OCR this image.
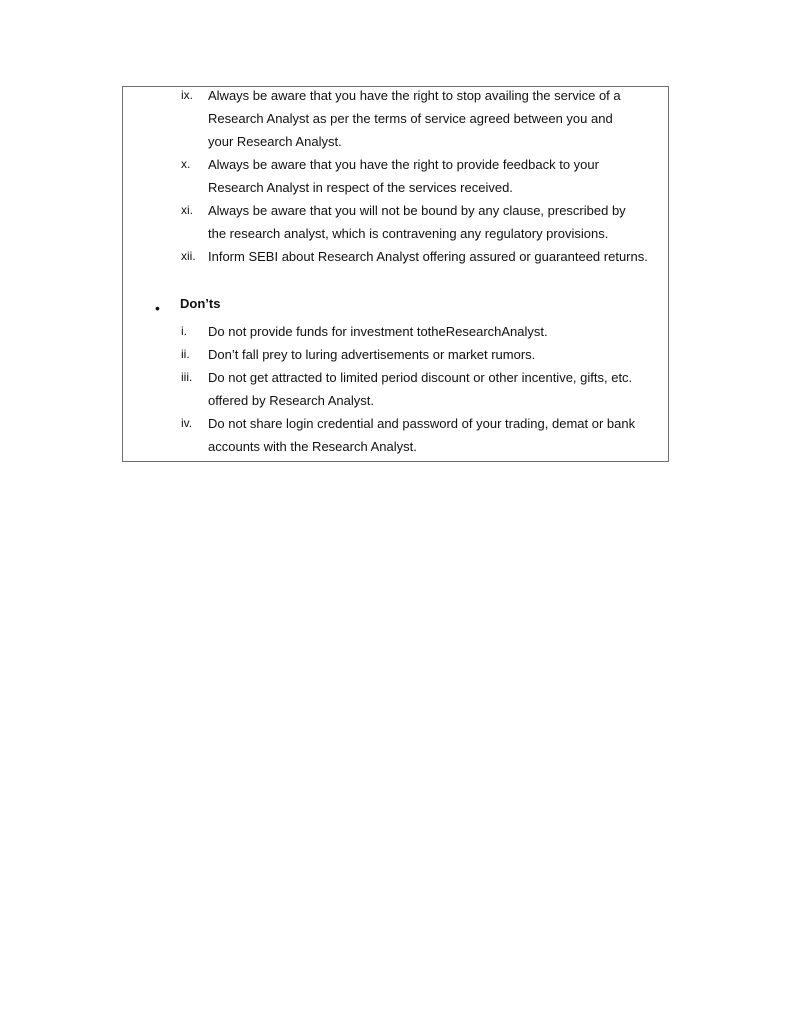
ix. Always be aware that you have the right to stop availing the service of a
Research Analyst as per the terms of service agreed between you and
your Research Analyst.
x. Always be aware that you have the right to provide feedback to your
Research Analyst in respect of the services received.
xi. Always be aware that you will not be bound by any clause, prescribed by
the research analyst, which is contravening any regulatory provisions.
xii. Inform SEBI about Research Analyst offering assured or guaranteed returns.
• Don’ts
i. Do not provide funds for investment totheResearchAnalyst.
ii. Don’t fall prey to luring advertisements or market rumors.
iii. Do not get attracted to limited period discount or other incentive, gifts, etc.
offered by Research Analyst.
iv. Do not share login credential and password of your trading, demat or bank
accounts with the Research Analyst.
